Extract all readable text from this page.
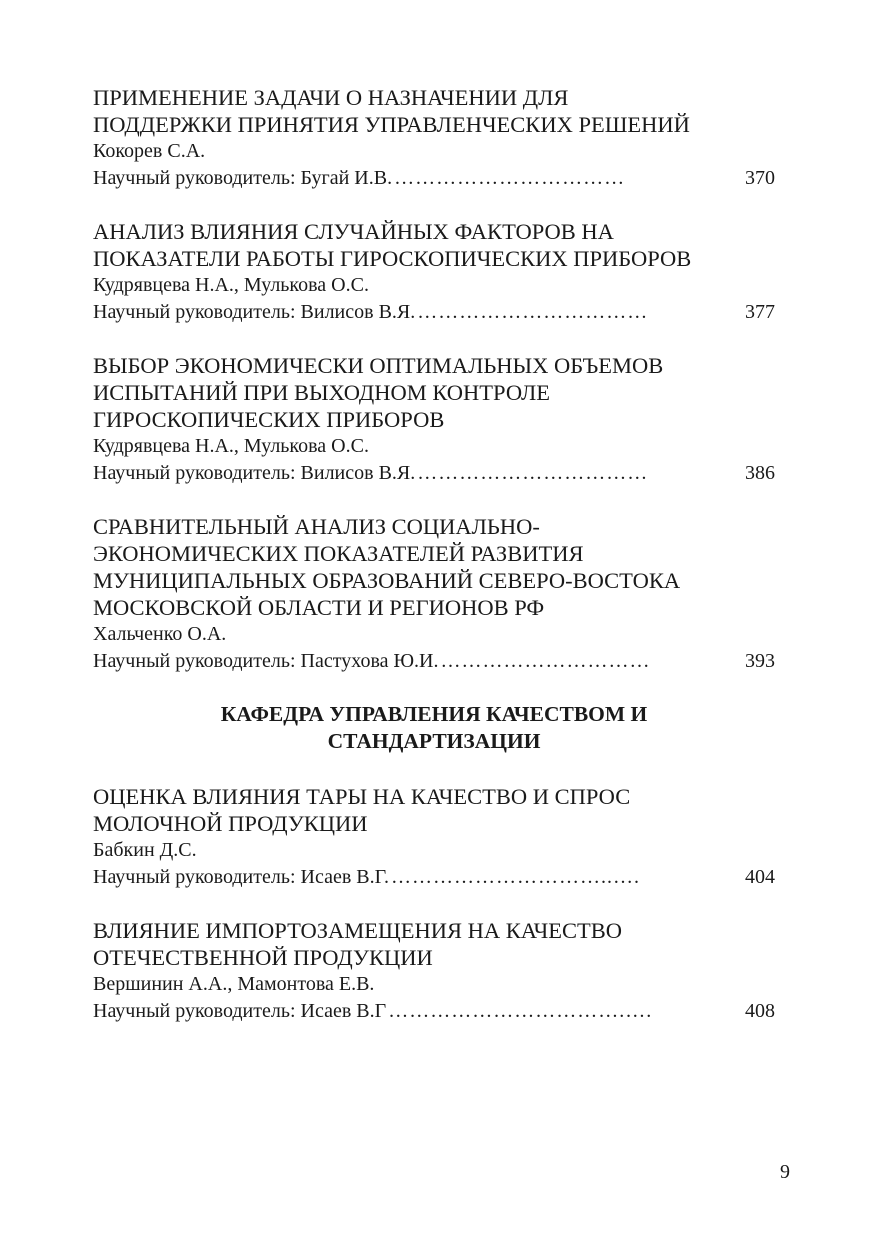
ПРИМЕНЕНИЕ ЗАДАЧИ О НАЗНАЧЕНИИ ДЛЯ
ПОДДЕРЖКИ ПРИНЯТИЯ УПРАВЛЕНЧЕСКИХ РЕШЕНИЙ
Кокорев С.А.
Научный руководитель: Бугай И.В. ……………………………	370
АНАЛИЗ ВЛИЯНИЯ СЛУЧАЙНЫХ ФАКТОРОВ НА
ПОКАЗАТЕЛИ РАБОТЫ ГИРОСКОПИЧЕСКИХ ПРИБОРОВ
Кудрявцева Н.А., Мулькова О.С.
Научный руководитель: Вилисов В.Я. ……………………………	377
ВЫБОР ЭКОНОМИЧЕСКИ ОПТИМАЛЬНЫХ ОБЪЕМОВ
ИСПЫТАНИЙ ПРИ ВЫХОДНОМ КОНТРОЛЕ
ГИРОСКОПИЧЕСКИХ ПРИБОРОВ
Кудрявцева Н.А., Мулькова О.С.
Научный руководитель: Вилисов В.Я. ……………………………	386
СРАВНИТЕЛЬНЫЙ АНАЛИЗ СОЦИАЛЬНО-
ЭКОНОМИЧЕСКИХ ПОКАЗАТЕЛЕЙ РАЗВИТИЯ
МУНИЦИПАЛЬНЫХ ОБРАЗОВАНИЙ СЕВЕРО-ВОСТОКА
МОСКОВСКОЙ ОБЛАСТИ И РЕГИОНОВ РФ
Хальченко О.А.
Научный руководитель: Пастухова Ю.И. …………………………	393
КАФЕДРА УПРАВЛЕНИЯ КАЧЕСТВОМ И
СТАНДАРТИЗАЦИИ
ОЦЕНКА ВЛИЯНИЯ ТАРЫ НА КАЧЕСТВО И СПРОС
МОЛОЧНОЙ ПРОДУКЦИИ
Бабкин Д.С.
Научный руководитель: Исаев В.Г. …………………………..….	404
ВЛИЯНИЕ ИМПОРТОЗАМЕЩЕНИЯ НА КАЧЕСТВО
ОТЕЧЕСТВЕННОЙ ПРОДУКЦИИ
Вершинин А.А., Мамонтова Е.В.
Научный руководитель: Исаев В.Г …………………………….….	408
9
